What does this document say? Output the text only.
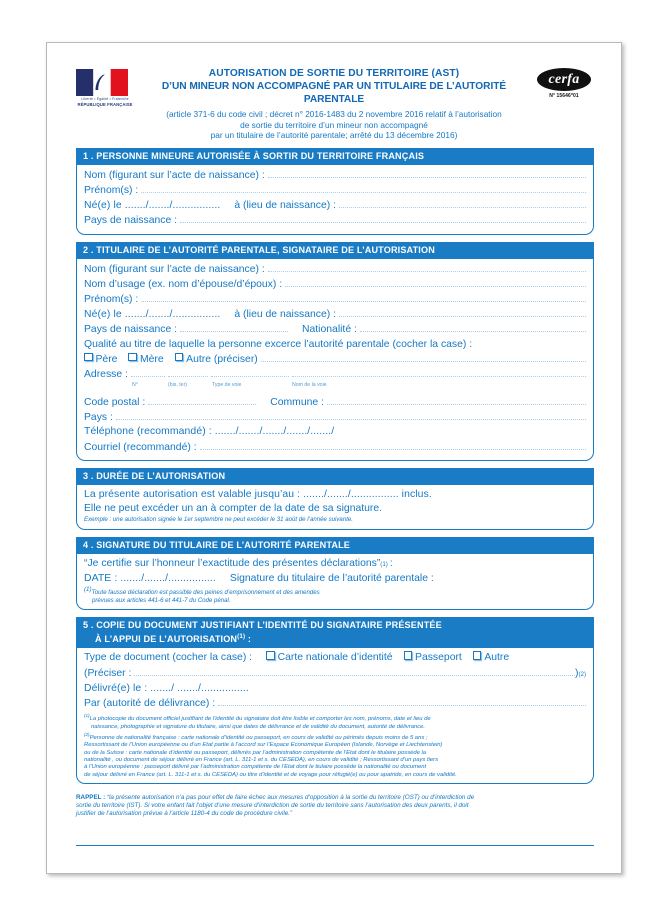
Liberté • Égalité • Fraternité
RÉPUBLIQUE FRANÇAISE
AUTORISATION DE SORTIE DU TERRITOIRE (AST)
D’UN MINEUR NON ACCOMPAGNÉ PAR UN TITULAIRE DE L’AUTORITÉ PARENTALE
(article 371-6 du code civil ; décret n° 2016-1483 du 2 novembre 2016 relatif à l’autorisation
de sortie du territoire d’un mineur non accompagné
par un titulaire de l’autorité parentale; arrêté du 13 décembre 2016)
cerfa
N° 15646*01
1 . PERSONNE MINEURE AUTORISÉE À SORTIR DU TERRITOIRE FRANÇAIS
Nom (figurant sur l’acte de naissance) :
Prénom(s) :
Né(e) le ......./......./................ à (lieu de naissance) :
Pays de naissance :
2 . TITULAIRE DE L’AUTORITÉ PARENTALE, SIGNATAIRE DE L’AUTORISATION
Nom (figurant sur l’acte de naissance) :
Nom d’usage (ex. nom d’épouse/d’époux) :
Prénom(s) :
Né(e) le ......./......./................ à (lieu de naissance) :
Pays de naissance :	Nationalité :
Qualité au titre de laquelle la personne excerce l’autorité parentale (cocher la case) :
Père	Mère	Autre (préciser)
Adresse :
N°	(bis, ter)	Type de voie	Nom de la voie
Code postal :	Commune :
Pays :
Téléphone (recommandé) : ......./......./......./......./......./
Courriel (recommandé) :
3 . DURÉE DE L’AUTORISATION
La présente autorisation est valable jusqu’au : ......./......./................ inclus.
Elle ne peut excéder un an à compter de la date de sa signature.
Exemple : une autorisation signée le 1er septembre ne peut excéder le 31 août de l’année suivante.
4 . SIGNATURE DU TITULAIRE DE L’AUTORITÉ PARENTALE
“Je certifie sur l’honneur l’exactitude des présentes déclarations” (1) :
DATE : ......./......./................ Signature du titulaire de l’autorité parentale :
(1)Toute fausse déclaration est passible des peines d’emprisonnement et des amendes
prévues aux articles 441-6 et 441-7 du Code pénal.
5 . COPIE DU DOCUMENT JUSTIFIANT L’IDENTITÉ DU SIGNATAIRE PRÉSENTÉE
À L’APPUI DE L’AUTORISATION$^{(1)}$ :
Type de document (cocher la case) :	Carte nationale d’identité	Passeport	Autre
(Préciser :	) (2)
Délivré(e) le : ......./ ......./................
Par (autorité de délivrance) :
$^{(1)}$La photocopie du document officiel justifiant de l’identité du signataire doit être lisible et comporter les nom, prénoms, date et lieu de
naissance, photographie et signature du titulaire, ainsi que dates de délivrance et de validité du document, autorité de délivrance.
$^{(2)}$Personne de nationalité française : carte nationale d’identité ou passeport, en cours de validité ou périmés depuis moins de 5 ans ;
Ressortissant de l’Union européenne ou d’un Etat partie à l’accord sur l’Espace Economique Européen (Islande, Norvège et Liechtenstein)
ou de la Suisse : carte nationale d’identité ou passeport, délivrés par l’administration compétente de l’Etat dont le titulaire possède la
nationalité , ou document de séjour délivré en France (art. L. 311-1 et s. du CESEDA), en cours de validité ; Ressortissant d’un pays tiers
à l’Union européenne : passeport délivré par l’administration compétente de l’Etat dont le tiulaire possède la nationalité ou document
de séjour délivré en France (art. L. 311-1 et s. du CESEDA) ou titre d’identité et de voyage pour réfugié(e) ou pour apatride, en cours de validité.
RAPPEL : “la présente autorisation n’a pas pour effet de faire échec aux mesures d’opposition à la sortie du territoire (OST) ou d’interdiction de
sortie du territoire (IST). Si votre enfant fait l’objet d’une mesure d’interdiction de sortie du territoire sans l’autorisation des deux parents, il doit
justifier de l’autorisation prévue à l’article 1180-4 du code de procédure civile.”
